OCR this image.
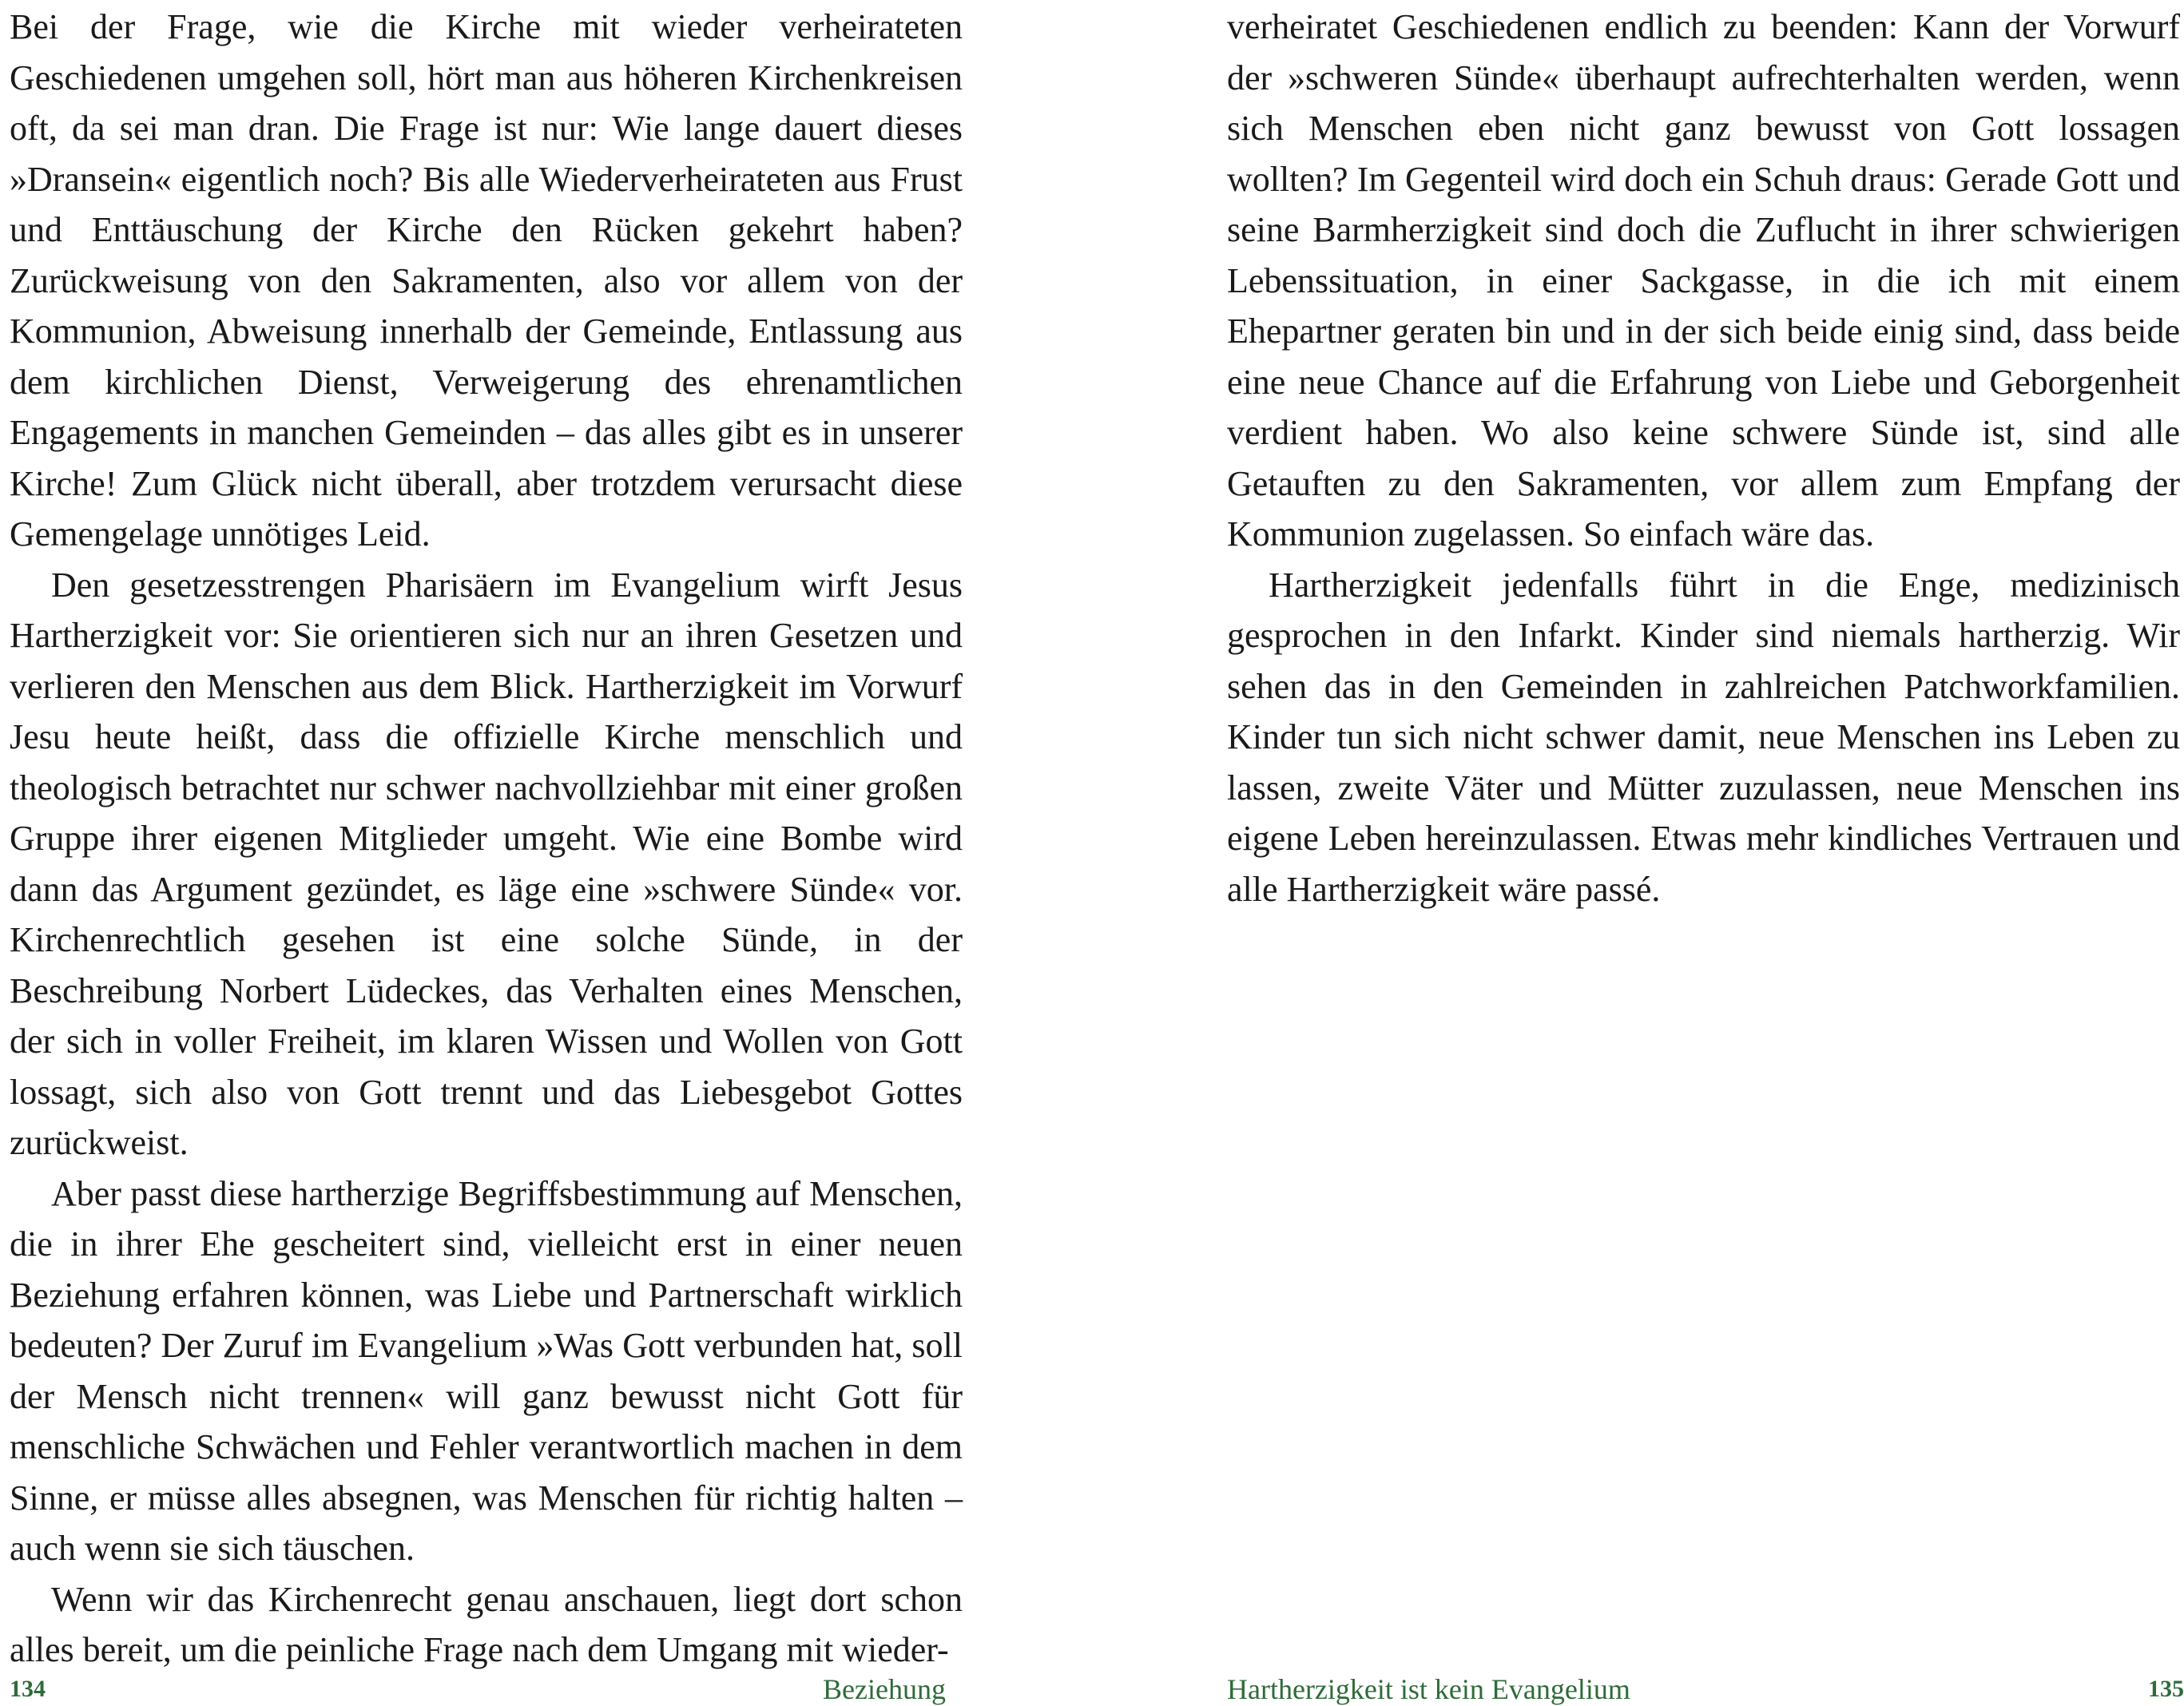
Bei der Frage, wie die Kirche mit wieder verheirateten Geschiedenen umgehen soll, hört man aus höheren Kirchenkreisen oft, da sei man dran. Die Frage ist nur: Wie lange dauert dieses »Dransein« eigentlich noch? Bis alle Wiederverheirateten aus Frust und Enttäuschung der Kirche den Rücken gekehrt haben? Zurückweisung von den Sakramenten, also vor allem von der Kommunion, Abweisung innerhalb der Gemeinde, Entlassung aus dem kirchlichen Dienst, Verweigerung des ehrenamtlichen Engagements in manchen Gemeinden – das alles gibt es in unserer Kirche! Zum Glück nicht überall, aber trotzdem verursacht diese Gemengelage unnötiges Leid.

Den gesetzesstrengen Pharisäern im Evangelium wirft Jesus Hartherzigkeit vor: Sie orientieren sich nur an ihren Gesetzen und verlieren den Menschen aus dem Blick. Hartherzigkeit im Vorwurf Jesu heute heißt, dass die offizielle Kirche menschlich und theologisch betrachtet nur schwer nachvollziehbar mit einer großen Gruppe ihrer eigenen Mitglieder umgeht. Wie eine Bombe wird dann das Argument gezündet, es läge eine »schwere Sünde« vor. Kirchenrechtlich gesehen ist eine solche Sünde, in der Beschreibung Norbert Lüdeckes, das Verhalten eines Menschen, der sich in voller Freiheit, im klaren Wissen und Wollen von Gott lossagt, sich also von Gott trennt und das Liebesgebot Gottes zurückweist.

Aber passt diese hartherzige Begriffsbestimmung auf Menschen, die in ihrer Ehe gescheitert sind, vielleicht erst in einer neuen Beziehung erfahren können, was Liebe und Partnerschaft wirklich bedeuten? Der Zuruf im Evangelium »Was Gott verbunden hat, soll der Mensch nicht trennen« will ganz bewusst nicht Gott für menschliche Schwächen und Fehler verantwortlich machen in dem Sinne, er müsse alles absegnen, was Menschen für richtig halten – auch wenn sie sich täuschen.

Wenn wir das Kirchenrecht genau anschauen, liegt dort schon alles bereit, um die peinliche Frage nach dem Umgang mit wieder-

134	Beziehung

verheiratet Geschiedenen endlich zu beenden: Kann der Vorwurf der »schweren Sünde« überhaupt aufrechterhalten werden, wenn sich Menschen eben nicht ganz bewusst von Gott lossagen wollten? Im Gegenteil wird doch ein Schuh draus: Gerade Gott und seine Barmherzigkeit sind doch die Zuflucht in ihrer schwierigen Lebenssituation, in einer Sackgasse, in die ich mit einem Ehepartner geraten bin und in der sich beide einig sind, dass beide eine neue Chance auf die Erfahrung von Liebe und Geborgenheit verdient haben. Wo also keine schwere Sünde ist, sind alle Getauften zu den Sakramenten, vor allem zum Empfang der Kommunion zugelassen. So einfach wäre das.

Hartherzigkeit jedenfalls führt in die Enge, medizinisch gesprochen in den Infarkt. Kinder sind niemals hartherzig. Wir sehen das in den Gemeinden in zahlreichen Patchworkfamilien. Kinder tun sich nicht schwer damit, neue Menschen ins Leben zu lassen, zweite Väter und Mütter zuzulassen, neue Menschen ins eigene Leben hereinzulassen. Etwas mehr kindliches Vertrauen und alle Hartherzigkeit wäre passé.

Hartherzigkeit ist kein Evangelium	135
